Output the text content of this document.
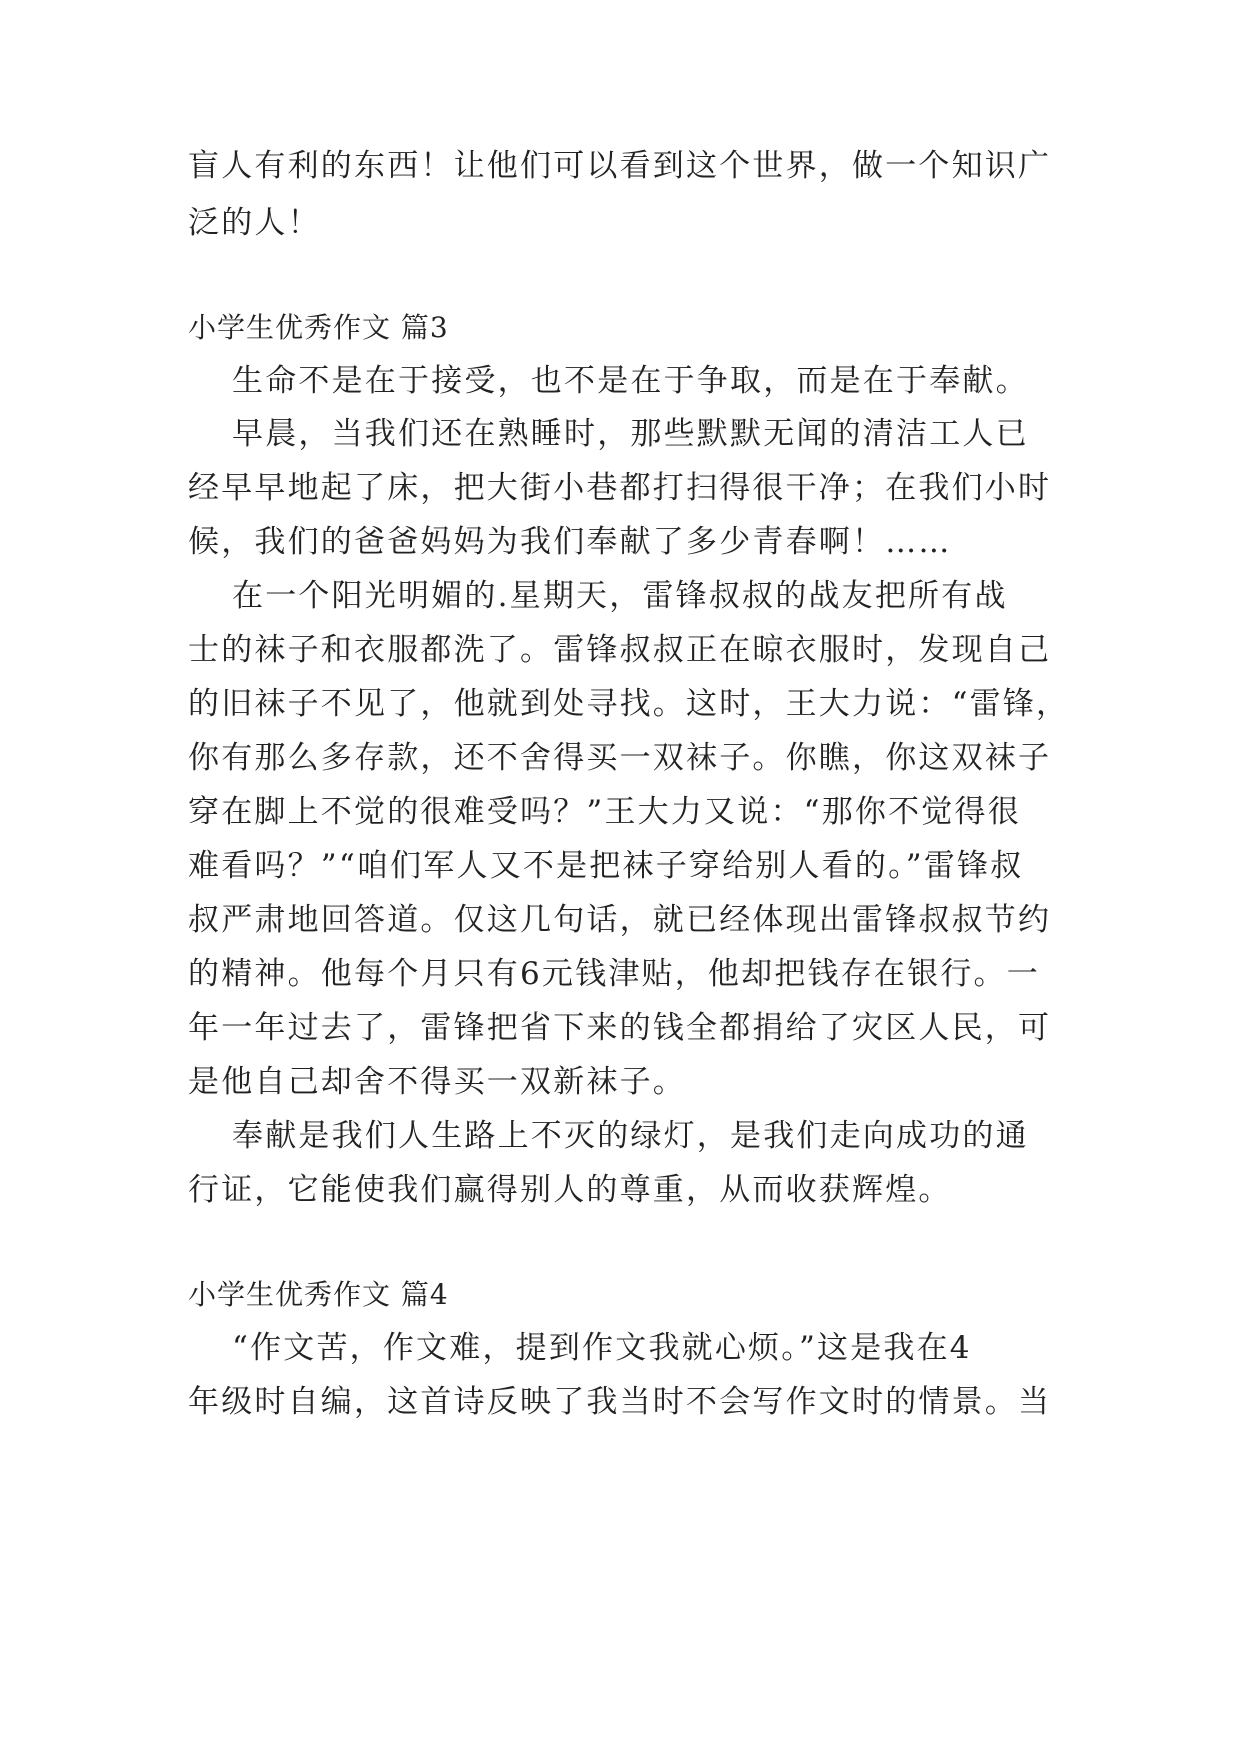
盲人有利的东西！让他们可以看到这个世界，做一个知识广
泛的人！
小学生优秀作文 篇3
生命不是在于接受，也不是在于争取，而是在于奉献。
早晨，当我们还在熟睡时，那些默默无闻的清洁工人已
经早早地起了床，把大街小巷都打扫得很干净；在我们小时
候，我们的爸爸妈妈为我们奉献了多少青春啊！……
在一个阳光明媚的.星期天，雷锋叔叔的战友把所有战
士的袜子和衣服都洗了。雷锋叔叔正在晾衣服时，发现自己
的旧袜子不见了，他就到处寻找。这时，王大力说：“雷锋，
你有那么多存款，还不舍得买一双袜子。你瞧，你这双袜子
穿在脚上不觉的很难受吗？”王大力又说：“那你不觉得很
难看吗？”“咱们军人又不是把袜子穿给别人看的。”雷锋叔
叔严肃地回答道。仅这几句话，就已经体现出雷锋叔叔节约
的精神。他每个月只有6元钱津贴，他却把钱存在银行。一
年一年过去了，雷锋把省下来的钱全都捐给了灾区人民，可
是他自己却舍不得买一双新袜子。
奉献是我们人生路上不灭的绿灯，是我们走向成功的通
行证，它能使我们赢得别人的尊重，从而收获辉煌。
小学生优秀作文 篇4
“作文苦，作文难，提到作文我就心烦。”这是我在4
年级时自编，这首诗反映了我当时不会写作文时的情景。当
